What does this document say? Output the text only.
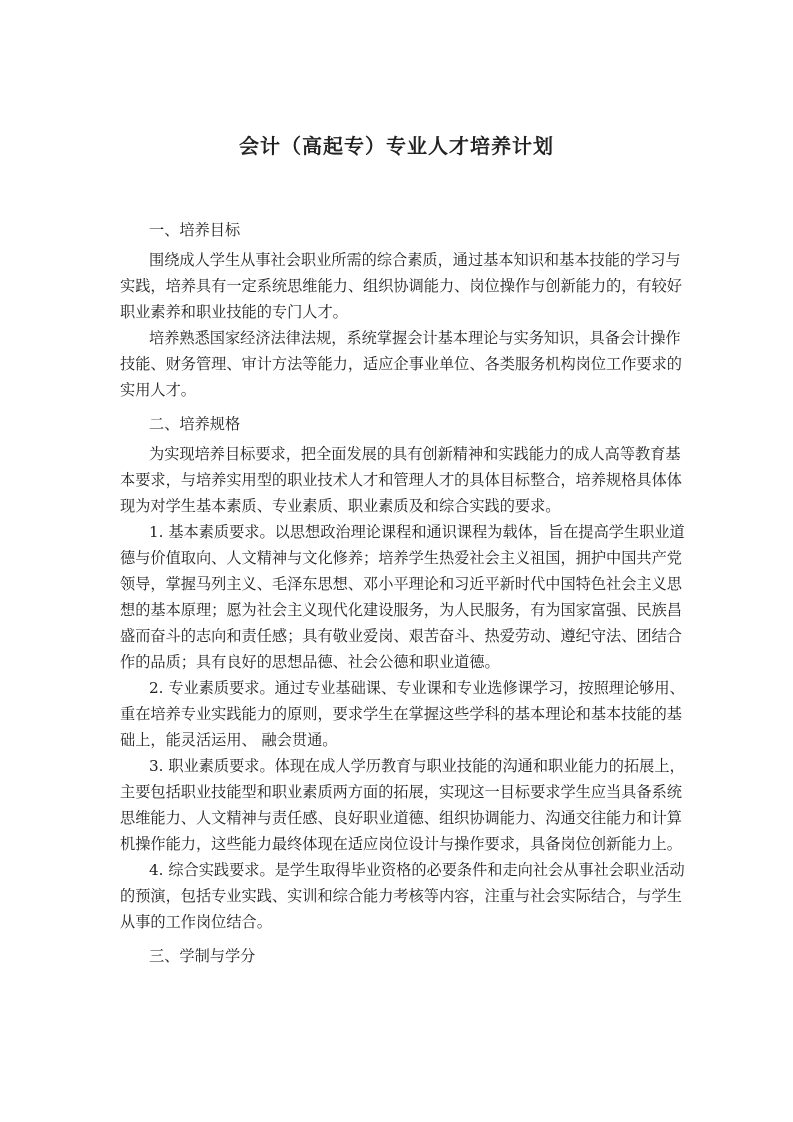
会计（高起专）专业人才培养计划
一、培养目标
围绕成人学生从事社会职业所需的综合素质，通过基本知识和基本技能的学习与
实践，培养具有一定系统思维能力、组织协调能力、岗位操作与创新能力的，有较好
职业素养和职业技能的专门人才。
培养熟悉国家经济法律法规，系统掌握会计基本理论与实务知识，具备会计操作
技能、财务管理、审计方法等能力，适应企事业单位、各类服务机构岗位工作要求的
实用人才。
二、培养规格
为实现培养目标要求，把全面发展的具有创新精神和实践能力的成人高等教育基
本要求，与培养实用型的职业技术人才和管理人才的具体目标整合，培养规格具体体
现为对学生基本素质、专业素质、职业素质及和综合实践的要求。
1. 基本素质要求。以思想政治理论课程和通识课程为载体，旨在提高学生职业道
德与价值取向、人文精神与文化修养；培养学生热爱社会主义祖国，拥护中国共产党
领导，掌握马列主义、毛泽东思想、邓小平理论和习近平新时代中国特色社会主义思
想的基本原理；愿为社会主义现代化建设服务，为人民服务，有为国家富强、民族昌
盛而奋斗的志向和责任感；具有敬业爱岗、艰苦奋斗、热爱劳动、遵纪守法、团结合
作的品质；具有良好的思想品德、社会公德和职业道德。
2. 专业素质要求。通过专业基础课、专业课和专业选修课学习，按照理论够用、
重在培养专业实践能力的原则，要求学生在掌握这些学科的基本理论和基本技能的基
础上，能灵活运用、 融会贯通。
3. 职业素质要求。体现在成人学历教育与职业技能的沟通和职业能力的拓展上，
主要包括职业技能型和职业素质两方面的拓展，实现这一目标要求学生应当具备系统
思维能力、人文精神与责任感、良好职业道德、组织协调能力、沟通交往能力和计算
机操作能力，这些能力最终体现在适应岗位设计与操作要求，具备岗位创新能力上。
4. 综合实践要求。是学生取得毕业资格的必要条件和走向社会从事社会职业活动
的预演，包括专业实践、实训和综合能力考核等内容，注重与社会实际结合，与学生
从事的工作岗位结合。
三、学制与学分
